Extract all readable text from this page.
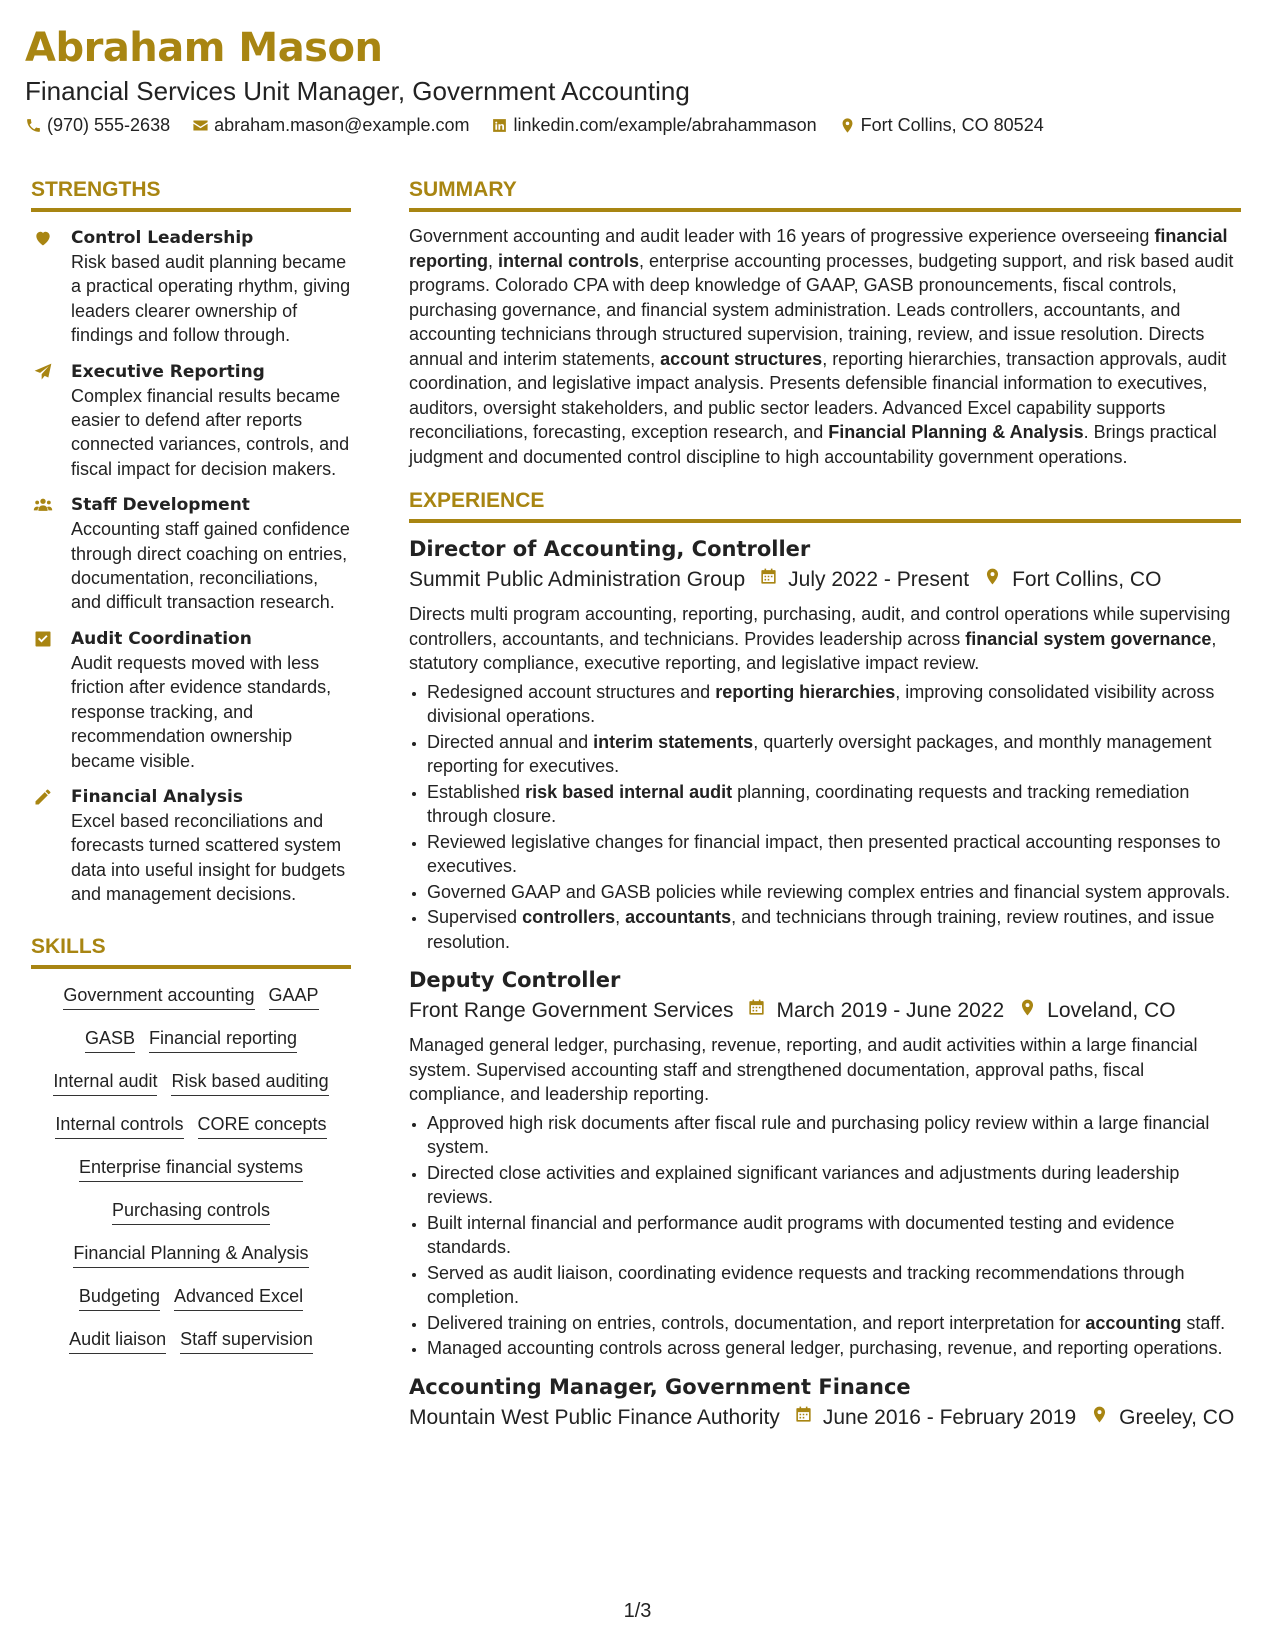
Abraham Mason
Financial Services Unit Manager, Government Accounting
(970) 555-2638 abraham.mason@example.com linkedin.com/example/abrahammason Fort Collins, CO 80524
STRENGTHS
Control Leadership
Risk based audit planning became a practical operating rhythm, giving leaders clearer ownership of findings and follow through.
Executive Reporting
Complex financial results became easier to defend after reports connected variances, controls, and fiscal impact for decision makers.
Staff Development
Accounting staff gained confidence through direct coaching on entries, documentation, reconciliations, and difficult transaction research.
Audit Coordination
Audit requests moved with less friction after evidence standards, response tracking, and recommendation ownership became visible.
Financial Analysis
Excel based reconciliations and forecasts turned scattered system data into useful insight for budgets and management decisions.
SKILLS
Government accounting GAAP
GASB Financial reporting
Internal audit Risk based auditing
Internal controls CORE concepts
Enterprise financial systems
Purchasing controls
Financial Planning & Analysis
Budgeting Advanced Excel
Audit liaison Staff supervision
SUMMARY

Government accounting and audit leader with 16 years of progressive experience overseeing financial reporting, internal controls, enterprise accounting processes, budgeting support, and risk based audit programs. Colorado CPA with deep knowledge of GAAP, GASB pronouncements, fiscal controls, purchasing governance, and financial system administration. Leads controllers, accountants, and accounting technicians through structured supervision, training, review, and issue resolution. Directs annual and interim statements, account structures, reporting hierarchies, transaction approvals, audit coordination, and legislative impact analysis. Presents defensible financial information to executives, auditors, oversight stakeholders, and public sector leaders. Advanced Excel capability supports reconciliations, forecasting, exception research, and Financial Planning & Analysis. Brings practical judgment and documented control discipline to high accountability government operations.

EXPERIENCE
Director of Accounting, Controller
Summit Public Administration Group July 2022 - Present Fort Collins, CO

Directs multi program accounting, reporting, purchasing, audit, and control operations while supervising controllers, accountants, and technicians. Provides leadership across financial system governance, statutory compliance, executive reporting, and legislative impact review.

• Redesigned account structures and reporting hierarchies, improving consolidated visibility across divisional operations.
• Directed annual and interim statements, quarterly oversight packages, and monthly management reporting for executives.
• Established risk based internal audit planning, coordinating requests and tracking remediation through closure.
• Reviewed legislative changes for financial impact, then presented practical accounting responses to executives.
• Governed GAAP and GASB policies while reviewing complex entries and financial system approvals.
• Supervised controllers, accountants, and technicians through training, review routines, and issue resolution.
Deputy Controller
Front Range Government Services March 2019 - June 2022 Loveland, CO

Managed general ledger, purchasing, revenue, reporting, and audit activities within a large financial system. Supervised accounting staff and strengthened documentation, approval paths, fiscal compliance, and leadership reporting.

• Approved high risk documents after fiscal rule and purchasing policy review within a large financial system.
• Directed close activities and explained significant variances and adjustments during leadership reviews.
• Built internal financial and performance audit programs with documented testing and evidence standards.
• Served as audit liaison, coordinating evidence requests and tracking recommendations through completion.
• Delivered training on entries, controls, documentation, and report interpretation for accounting staff.
• Managed accounting controls across general ledger, purchasing, revenue, and reporting operations.
Accounting Manager, Government Finance
Mountain West Public Finance Authority June 2016 - February 2019 Greeley, CO
1/3
